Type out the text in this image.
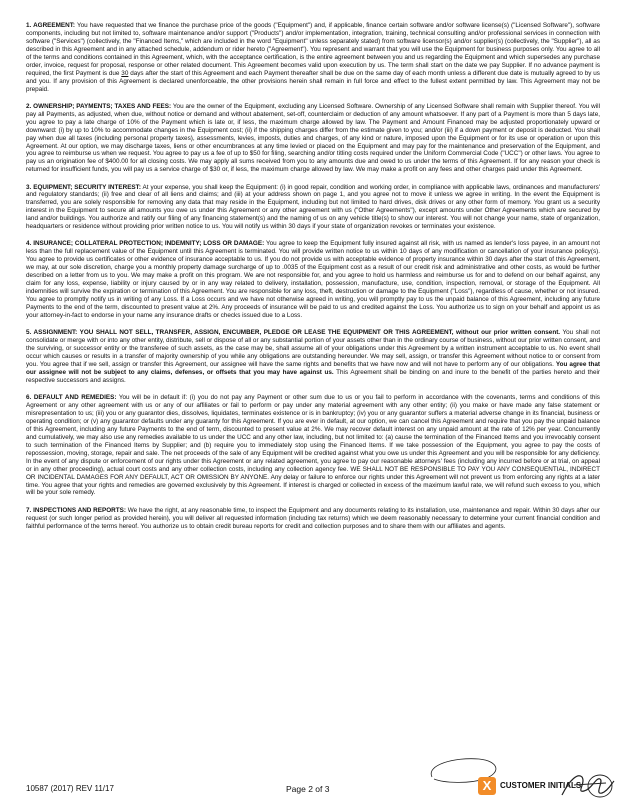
1. AGREEMENT: You have requested that we finance the purchase price of the goods ("Equipment") and, if applicable, finance certain software and/or software license(s) ("Licensed Software"), software components, including but not limited to, software maintenance and/or support ("Products") and/or implementation, integration, training, technical consulting and/or professional services in connection with software ("Services") (collectively, the "Financed Items," which are included in the word "Equipment" unless separately stated) from software licensor(s) and/or supplier(s) (collectively, the "Supplier"), all as described in this Agreement and in any attached schedule, addendum or rider hereto ("Agreement"). You represent and warrant that you will use the Equipment for business purposes only. You agree to all of the terms and conditions contained in this Agreement, which, with the acceptance certification, is the entire agreement between you and us regarding the Equipment and which supersedes any purchase order, invoice, request for proposal, response or other related document. This Agreement becomes valid upon execution by us. The term shall start on the date we pay Supplier. If no advance payment is required, the first Payment is due 30 days after the start of this Agreement and each Payment thereafter shall be due on the same day of each month unless a different due date is mutually agreed to by us and you. If any provision of this Agreement is declared unenforceable, the other provisions herein shall remain in full force and effect to the fullest extent permitted by law. This Agreement may not be prepaid.

2. OWNERSHIP; PAYMENTS; TAXES AND FEES: You are the owner of the Equipment, excluding any Licensed Software. Ownership of any Licensed Software shall remain with Supplier thereof. You will pay all Payments, as adjusted, when due, without notice or demand and without abatement, set-off, counterclaim or deduction of any amount whatsoever. If any part of a Payment is more than 5 days late, you agree to pay a late charge of 10% of the Payment which is late or, if less, the maximum charge allowed by law. The Payment and Amount Financed may be adjusted proportionately upward or downward: (i) by up to 10% to accommodate changes in the Equipment cost; (ii) if the shipping charges differ from the estimate given to you; and/or (iii) if a down payment or deposit is deducted. You shall pay when due all taxes (including personal property taxes), assessments, levies, imposts, duties and charges, of any kind or nature, imposed upon the Equipment or for its use or operation or upon this Agreement. At our option, we may discharge taxes, liens or other encumbrances at any time levied or placed on the Equipment and may pay for the maintenance and preservation of the Equipment, and you agree to reimburse us when we request. You agree to pay us a fee of up to $50 for filing, searching and/or titling costs required under the Uniform Commercial Code ("UCC") or other laws. You agree to pay us an origination fee of $400.00 for all closing costs. We may apply all sums received from you to any amounts due and owed to us under the terms of this Agreement. If for any reason your check is returned for insufficient funds, you will pay us a service charge of $30 or, if less, the maximum charge allowed by law. We may make a profit on any fees and other charges paid under this Agreement.

3. EQUIPMENT; SECURITY INTEREST: At your expense, you shall keep the Equipment: (i) in good repair, condition and working order, in compliance with applicable laws, ordinances and manufacturers' and regulatory standards; (ii) free and clear of all liens and claims; and (iii) at your address shown on page 1, and you agree not to move it unless we agree in writing. In the event the Equipment is transferred, you are solely responsible for removing any data that may reside in the Equipment, including but not limited to hard drives, disk drives or any other form of memory. You grant us a security interest in the Equipment to secure all amounts you owe us under this Agreement or any other agreement with us ("Other Agreements"), except amounts under Other Agreements which are secured by land and/or buildings. You authorize and ratify our filing of any financing statement(s) and the naming of us on any vehicle title(s) to show our interest. You will not change your name, state of organization, headquarters or residence without providing prior written notice to us. You will notify us within 30 days if your state of organization revokes or terminates your existence.

4. INSURANCE; COLLATERAL PROTECTION; INDEMNITY; LOSS OR DAMAGE: You agree to keep the Equipment fully insured against all risk, with us named as lender's loss payee, in an amount not less than the full replacement value of the Equipment until this Agreement is terminated. You will provide written notice to us within 10 days of any modification or cancellation of your insurance policy(s). You agree to provide us certificates or other evidence of insurance acceptable to us. If you do not provide us with acceptable evidence of property insurance within 30 days after the start of this Agreement, we may, at our sole discretion, charge you a monthly property damage surcharge of up to .0035 of the Equipment cost as a result of our credit risk and administrative and other costs, as would be further described on a letter from us to you. We may make a profit on this program. We are not responsible for, and you agree to hold us harmless and reimburse us for and to defend on our behalf against, any claim for any loss, expense, liability or injury caused by or in any way related to delivery, installation, possession, manufacture, use, condition, inspection, removal, or storage of the Equipment. All indemnities will survive the expiration or termination of this Agreement. You are responsible for any loss, theft, destruction or damage to the Equipment ("Loss"), regardless of cause, whether or not insured. You agree to promptly notify us in writing of any Loss. If a Loss occurs and we have not otherwise agreed in writing, you will promptly pay to us the unpaid balance of this Agreement, including any future Payments to the end of the term, discounted to present value at 2%. Any proceeds of insurance will be paid to us and credited against the Loss. You authorize us to sign on your behalf and appoint us as your attorney-in-fact to endorse in your name any insurance drafts or checks issued due to a Loss.

5. ASSIGNMENT: YOU SHALL NOT SELL, TRANSFER, ASSIGN, ENCUMBER, PLEDGE OR LEASE THE EQUIPMENT OR THIS AGREEMENT, without our prior written consent. You shall not consolidate or merge with or into any other entity, distribute, sell or dispose of all or any substantial portion of your assets other than in the ordinary course of business, without our prior written consent, and the surviving, or successor entity or the transferee of such assets, as the case may be, shall assume all of your obligations under this Agreement by a written instrument acceptable to us. No event shall occur which causes or results in a transfer of majority ownership of you while any obligations are outstanding hereunder. We may sell, assign, or transfer this Agreement without notice to or consent from you. You agree that if we sell, assign or transfer this Agreement, our assignee will have the same rights and benefits that we have now and will not have to perform any of our obligations. You agree that our assignee will not be subject to any claims, defenses, or offsets that you may have against us. This Agreement shall be binding on and inure to the benefit of the parties hereto and their respective successors and assigns.

6. DEFAULT AND REMEDIES: You will be in default if: (i) you do not pay any Payment or other sum due to us or you fail to perform in accordance with the covenants, terms and conditions of this Agreement or any other agreement with us or any of our affiliates or fail to perform or pay under any material agreement with any other entity; (ii) you make or have made any false statement or misrepresentation to us; (iii) you or any guarantor dies, dissolves, liquidates, terminates existence or is in bankruptcy; (iv) you or any guarantor suffers a material adverse change in its financial, business or operating condition; or (v) any guarantor defaults under any guaranty for this Agreement. If you are ever in default, at our option, we can cancel this Agreement and require that you pay the unpaid balance of this Agreement, including any future Payments to the end of term, discounted to present value at 2%. We may recover default interest on any unpaid amount at the rate of 12% per year. Concurrently and cumulatively, we may also use any remedies available to us under the UCC and any other law, including, but not limited to: (a) cause the termination of the Financed Items and you irrevocably consent to such termination of the Financed Items by Supplier; and (b) require you to immediately stop using the Financed Items. If we take possession of the Equipment, you agree to pay the costs of repossession, moving, storage, repair and sale. The net proceeds of the sale of any Equipment will be credited against what you owe us under this Agreement and you will be responsible for any deficiency. In the event of any dispute or enforcement of our rights under this Agreement or any related agreement, you agree to pay our reasonable attorneys' fees (including any incurred before or at trial, on appeal or in any other proceeding), actual court costs and any other collection costs, including any collection agency fee. WE SHALL NOT BE RESPONSIBLE TO PAY YOU ANY CONSEQUENTIAL, INDIRECT OR INCIDENTAL DAMAGES FOR ANY DEFAULT, ACT OR OMISSION BY ANYONE. Any delay or failure to enforce our rights under this Agreement will not prevent us from enforcing any rights at a later time. You agree that your rights and remedies are governed exclusively by this Agreement. If interest is charged or collected in excess of the maximum lawful rate, we will refund such excess to you, which will be your sole remedy.

7. INSPECTIONS AND REPORTS: We have the right, at any reasonable time, to inspect the Equipment and any documents relating to its installation, use, maintenance and repair. Within 30 days after our request (or such longer period as provided herein), you will deliver all requested information (including tax returns) which we deem reasonably necessary to determine your current financial condition and faithful performance of the terms hereof. You authorize us to obtain credit bureau reports for credit and collection purposes and to share them with our affiliates and agents.

10587 (2017) REV 11/17	Page 2 of 3	X	CUSTOMER INITIALS
